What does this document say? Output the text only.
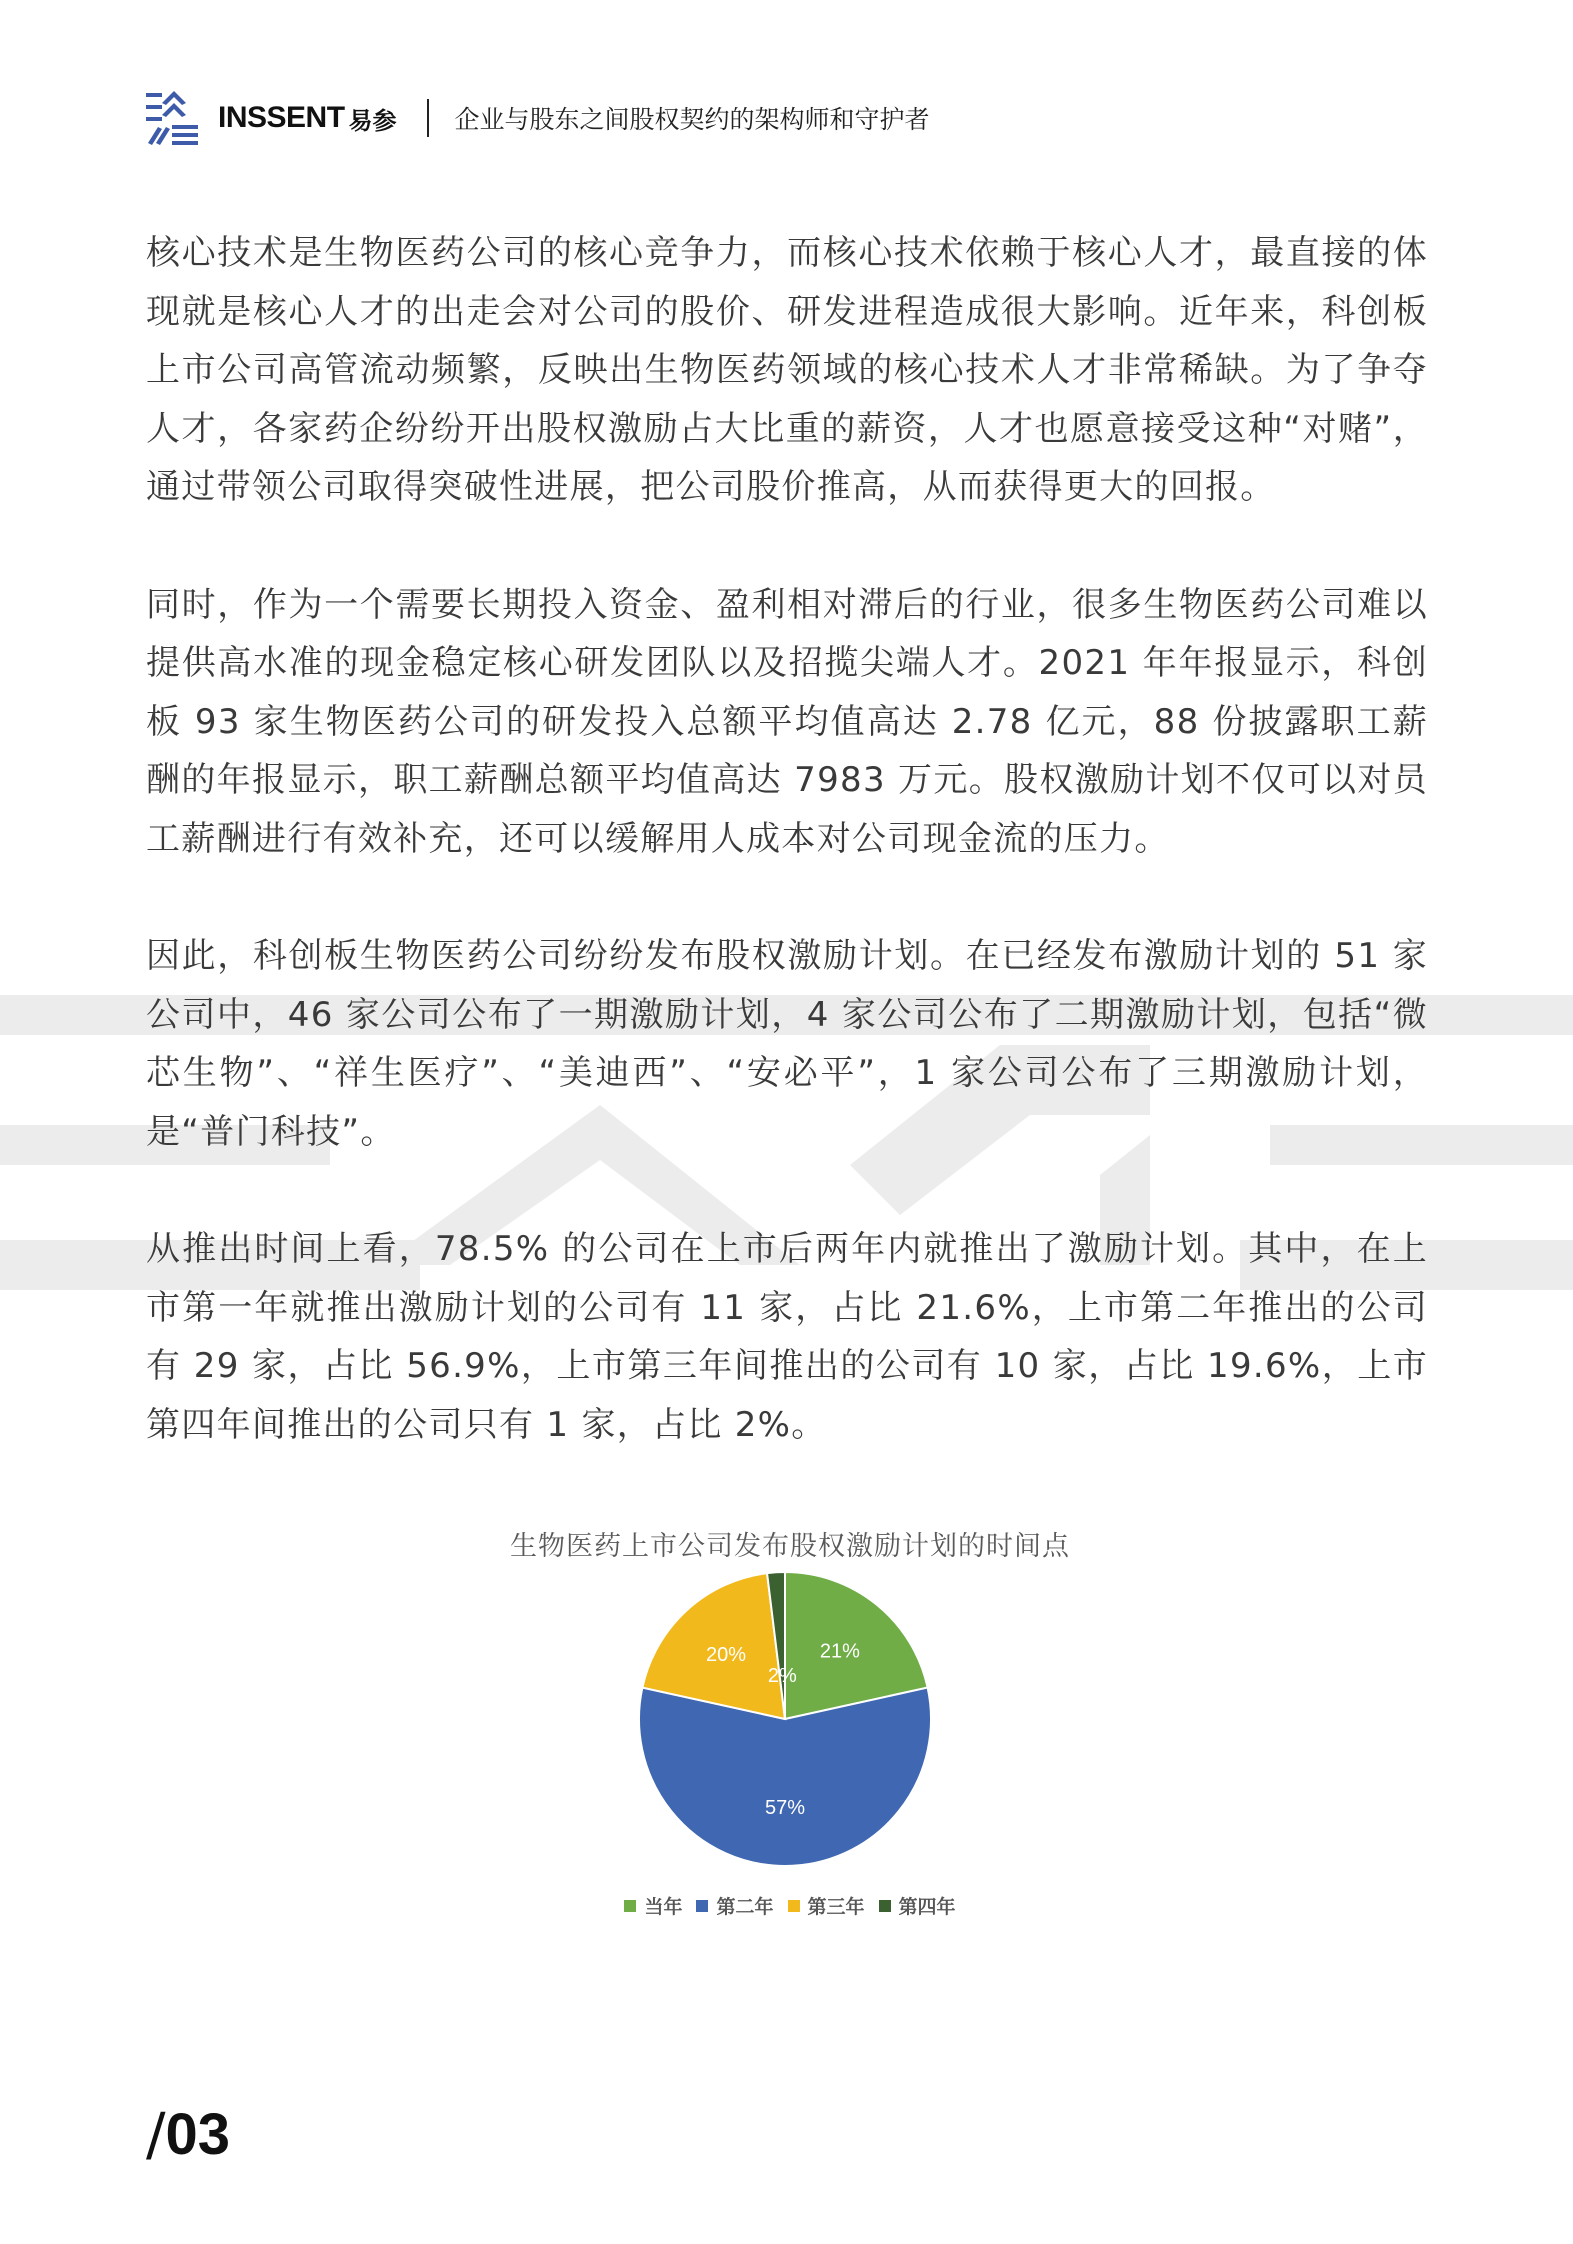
INSSENT 易参 企业与股东之间股权契约的架构师和守护者

核心技术是生物医药公司的核心竞争力，而核心技术依赖于核心人才，最直接的体现就是核心人才的出走会对公司的股价、研发进程造成很大影响。近年来，科创板上市公司高管流动频繁，反映出生物医药领域的核心技术人才非常稀缺。为了争夺人才，各家药企纷纷开出股权激励占大比重的薪资，人才也愿意接受这种“对赌”，通过带领公司取得突破性进展，把公司股价推高，从而获得更大的回报。

同时，作为一个需要长期投入资金、盈利相对滞后的行业，很多生物医药公司难以提供高水准的现金稳定核心研发团队以及招揽尖端人才。2021 年年报显示，科创板 93 家生物医药公司的研发投入总额平均值高达 2.78 亿元，88 份披露职工薪酬的年报显示，职工薪酬总额平均值高达 7983 万元。股权激励计划不仅可以对员工薪酬进行有效补充，还可以缓解用人成本对公司现金流的压力。

因此，科创板生物医药公司纷纷发布股权激励计划。在已经发布激励计划的 51 家公司中，46 家公司公布了一期激励计划，4 家公司公布了二期激励计划，包括“微芯生物”、“祥生医疗”、“美迪西”、“安必平”，1 家公司公布了三期激励计划，是“普门科技”。

从推出时间上看，78.5% 的公司在上市后两年内就推出了激励计划。其中，在上市第一年就推出激励计划的公司有 11 家，占比 21.6%，上市第二年推出的公司有 29 家，占比 56.9%，上市第三年间推出的公司有 10 家，占比 19.6%，上市第四年间推出的公司只有 1 家，占比 2%。

生物医药上市公司发布股权激励计划的时间点
21%
57%
20%
2%
当年 第二年 第三年 第四年
/03
